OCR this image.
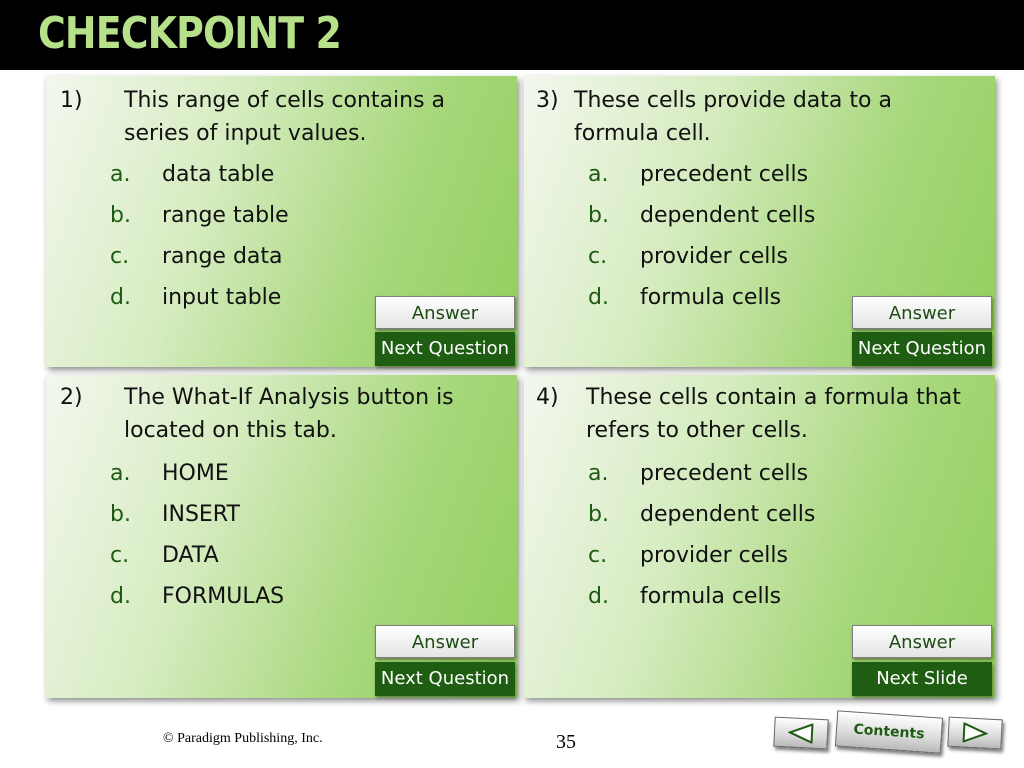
CHECKPOINT 2
1) This range of cells contains a series of input values.
a. data table
b. range table
c. range data
d. input table
Answer
Next Question
3) These cells provide data to a formula cell.
a. precedent cells
b. dependent cells
c. provider cells
d. formula cells
Answer
Next Question
2) The What-If Analysis button is located on this tab.
a. HOME
b. INSERT
c. DATA
d. FORMULAS
Answer
Next Question
4) These cells contain a formula that refers to other cells.
a. precedent cells
b. dependent cells
c. provider cells
d. formula cells
Answer
Next Slide
© Paradigm Publishing, Inc.	35	Contents
